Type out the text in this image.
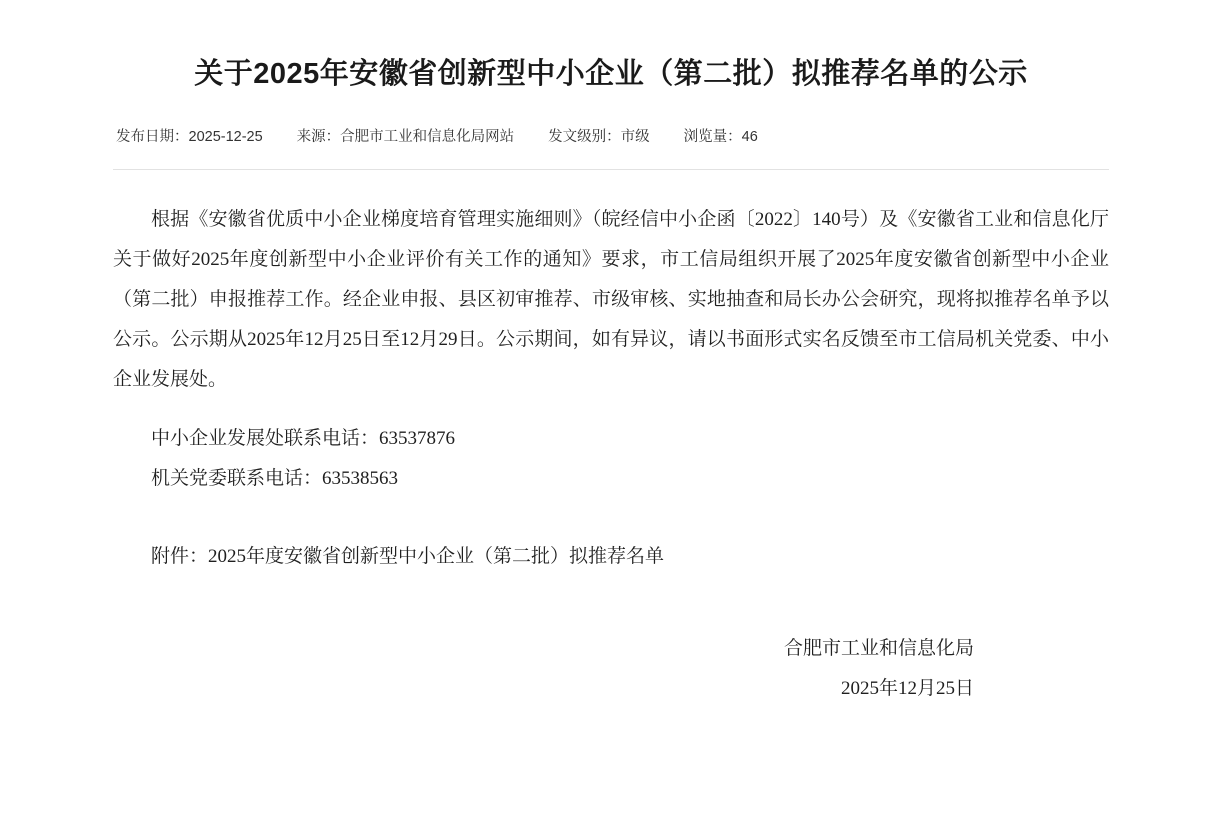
关于2025年安徽省创新型中小企业（第二批）拟推荐名单的公示
发布日期：2025-12-25 来源：合肥市工业和信息化局网站 发文级别：市级 浏览量：46

根据《安徽省优质中小企业梯度培育管理实施细则》（皖经信中小企函〔2022〕140号）及《安徽省工业和信息化厅关于做好2025年度创新型中小企业评价有关工作的通知》要求，市工信局组织开展了2025年度安徽省创新型中小企业（第二批）申报推荐工作。经企业申报、县区初审推荐、市级审核、实地抽查和局长办公会研究，现将拟推荐名单予以公示。公示期从2025年12月25日至12月29日。公示期间，如有异议，请以书面形式实名反馈至市工信局机关党委、中小企业发展处。

中小企业发展处联系电话：63537876
机关党委联系电话：63538563
附件：2025年度安徽省创新型中小企业（第二批）拟推荐名单
合肥市工业和信息化局
2025年12月25日
